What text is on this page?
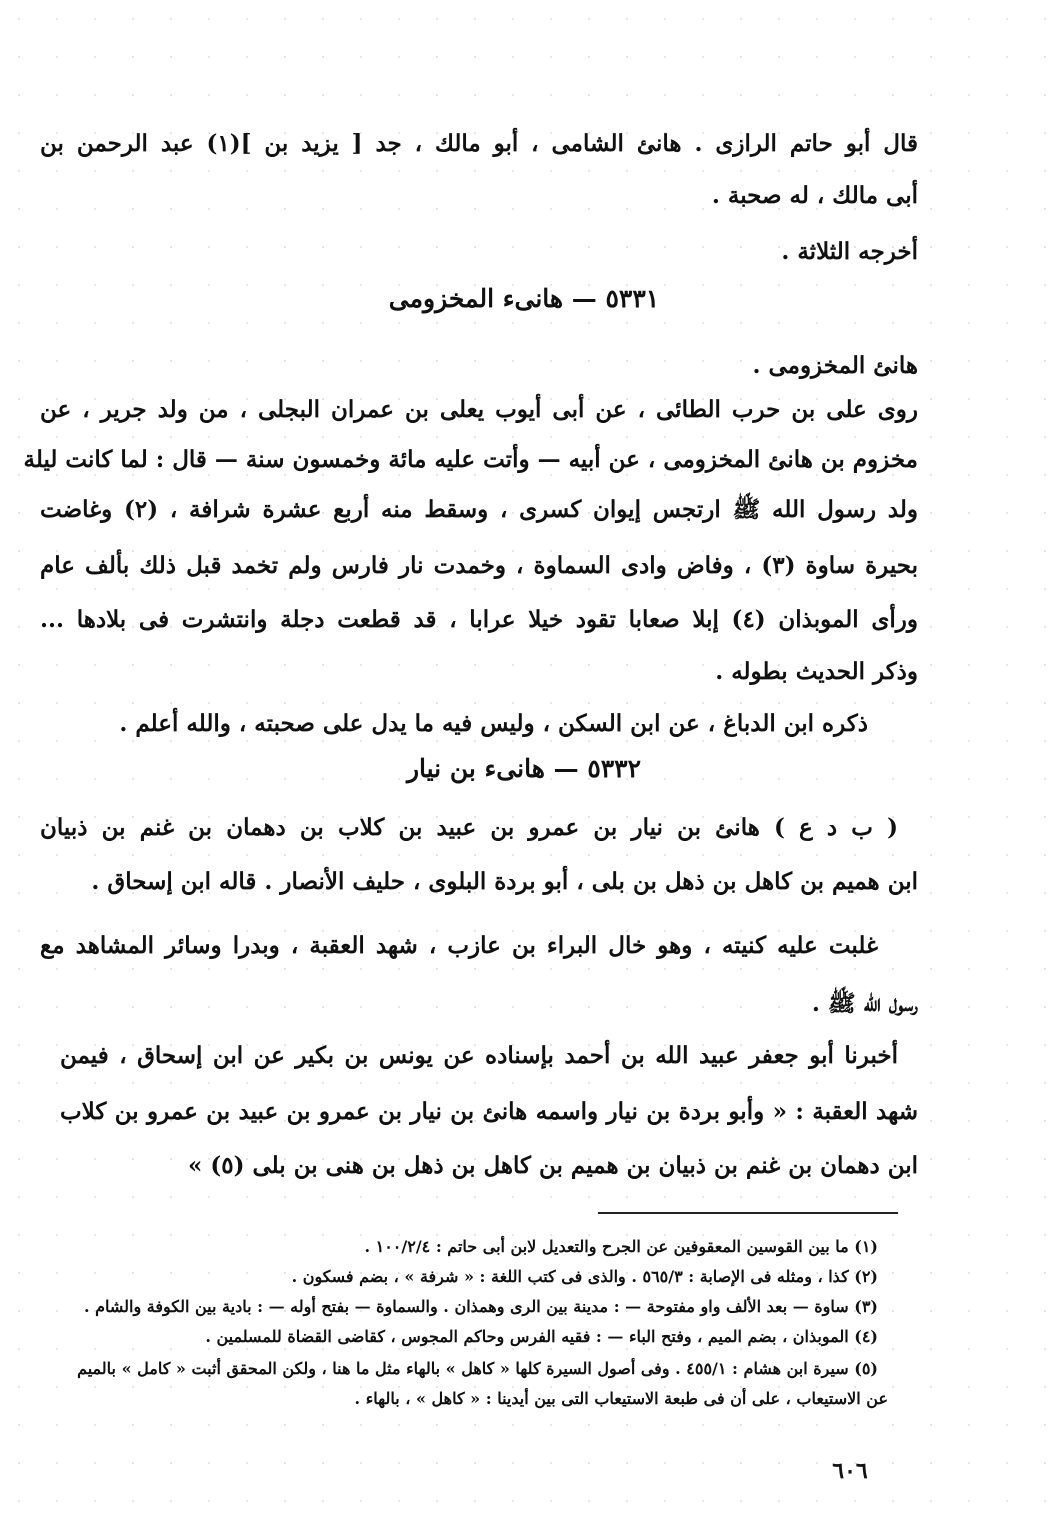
قال أبو حاتم الرازى . هانئ الشامى ، أبو مالك ، جد [ يزيد بن ](١) عبد الرحمن بن
أبى مالك ، له صحبة .
أخرجه الثلاثة .
٥٣٣١ — هانىء المخزومى
هانئ المخزومى .
روى على بن حرب الطائى ، عن أبى أيوب يعلى بن عمران البجلى ، من ولد جرير ، عن
مخزوم بن هانئ المخزومى ، عن أبيه — وأتت عليه مائة وخمسون سنة — قال : لما كانت ليلة
ولد رسول الله ﷺ ارتجس إيوان كسرى ، وسقط منه أربع عشرة شرافة ، (٢) وغاضت
بحيرة ساوة (٣) ، وفاض وادى السماوة ، وخمدت نار فارس ولم تخمد قبل ذلك بألف عام
ورأى الموبذان (٤) إبلا صعابا تقود خيلا عرابا ، قد قطعت دجلة وانتشرت فى بلادها ...
وذكر الحديث بطوله .
ذكره ابن الدباغ ، عن ابن السكن ، وليس فيه ما يدل على صحبته ، والله أعلم .
٥٣٣٢ — هانىء بن نيار
( ب د ع ) هانئ بن نيار بن عمرو بن عبيد بن كلاب بن دهمان بن غنم بن ذبيان
ابن هميم بن كاهل بن ذهل بن بلى ، أبو بردة البلوى ، حليف الأنصار . قاله ابن إسحاق .
غلبت عليه كنيته ، وهو خال البراء بن عازب ، شهد العقبة ، وبدرا وسائر المشاهد مع
رسول الله ﷺ .
أخبرنا أبو جعفر عبيد الله بن أحمد بإسناده عن يونس بن بكير عن ابن إسحاق ، فيمن
شهد العقبة : « وأبو بردة بن نيار واسمه هانئ بن نيار بن عمرو بن عبيد بن عمرو بن كلاب
ابن دهمان بن غنم بن ذبيان بن هميم بن كاهل بن ذهل بن هنى بن بلى (٥) »
(١) ما بين القوسين المعقوفين عن الجرح والتعديل لابن أبى حاتم : ١٠٠/٢/٤ .
(٢) كذا ، ومثله فى الإصابة : ٥٦٥/٣ . والذى فى كتب اللغة : « شرفة » ، بضم فسكون .
(٣) ساوة — بعد الألف واو مفتوحة — : مدينة بين الرى وهمذان . والسماوة — بفتح أوله — : بادية بين الكوفة والشام .
(٤) الموبذان ، بضم الميم ، وفتح الباء — : فقيه الفرس وحاكم المجوس ، كقاضى القضاة للمسلمين .
(٥) سيرة ابن هشام : ٤٥٥/١ . وفى أصول السيرة كلها « كاهل » بالهاء مثل ما هنا ، ولكن المحقق أثبت « كامل » بالميم
عن الاستيعاب ، على أن فى طبعة الاستيعاب التى بين أيدينا : « كاهل » ، بالهاء .
٦٠٦
